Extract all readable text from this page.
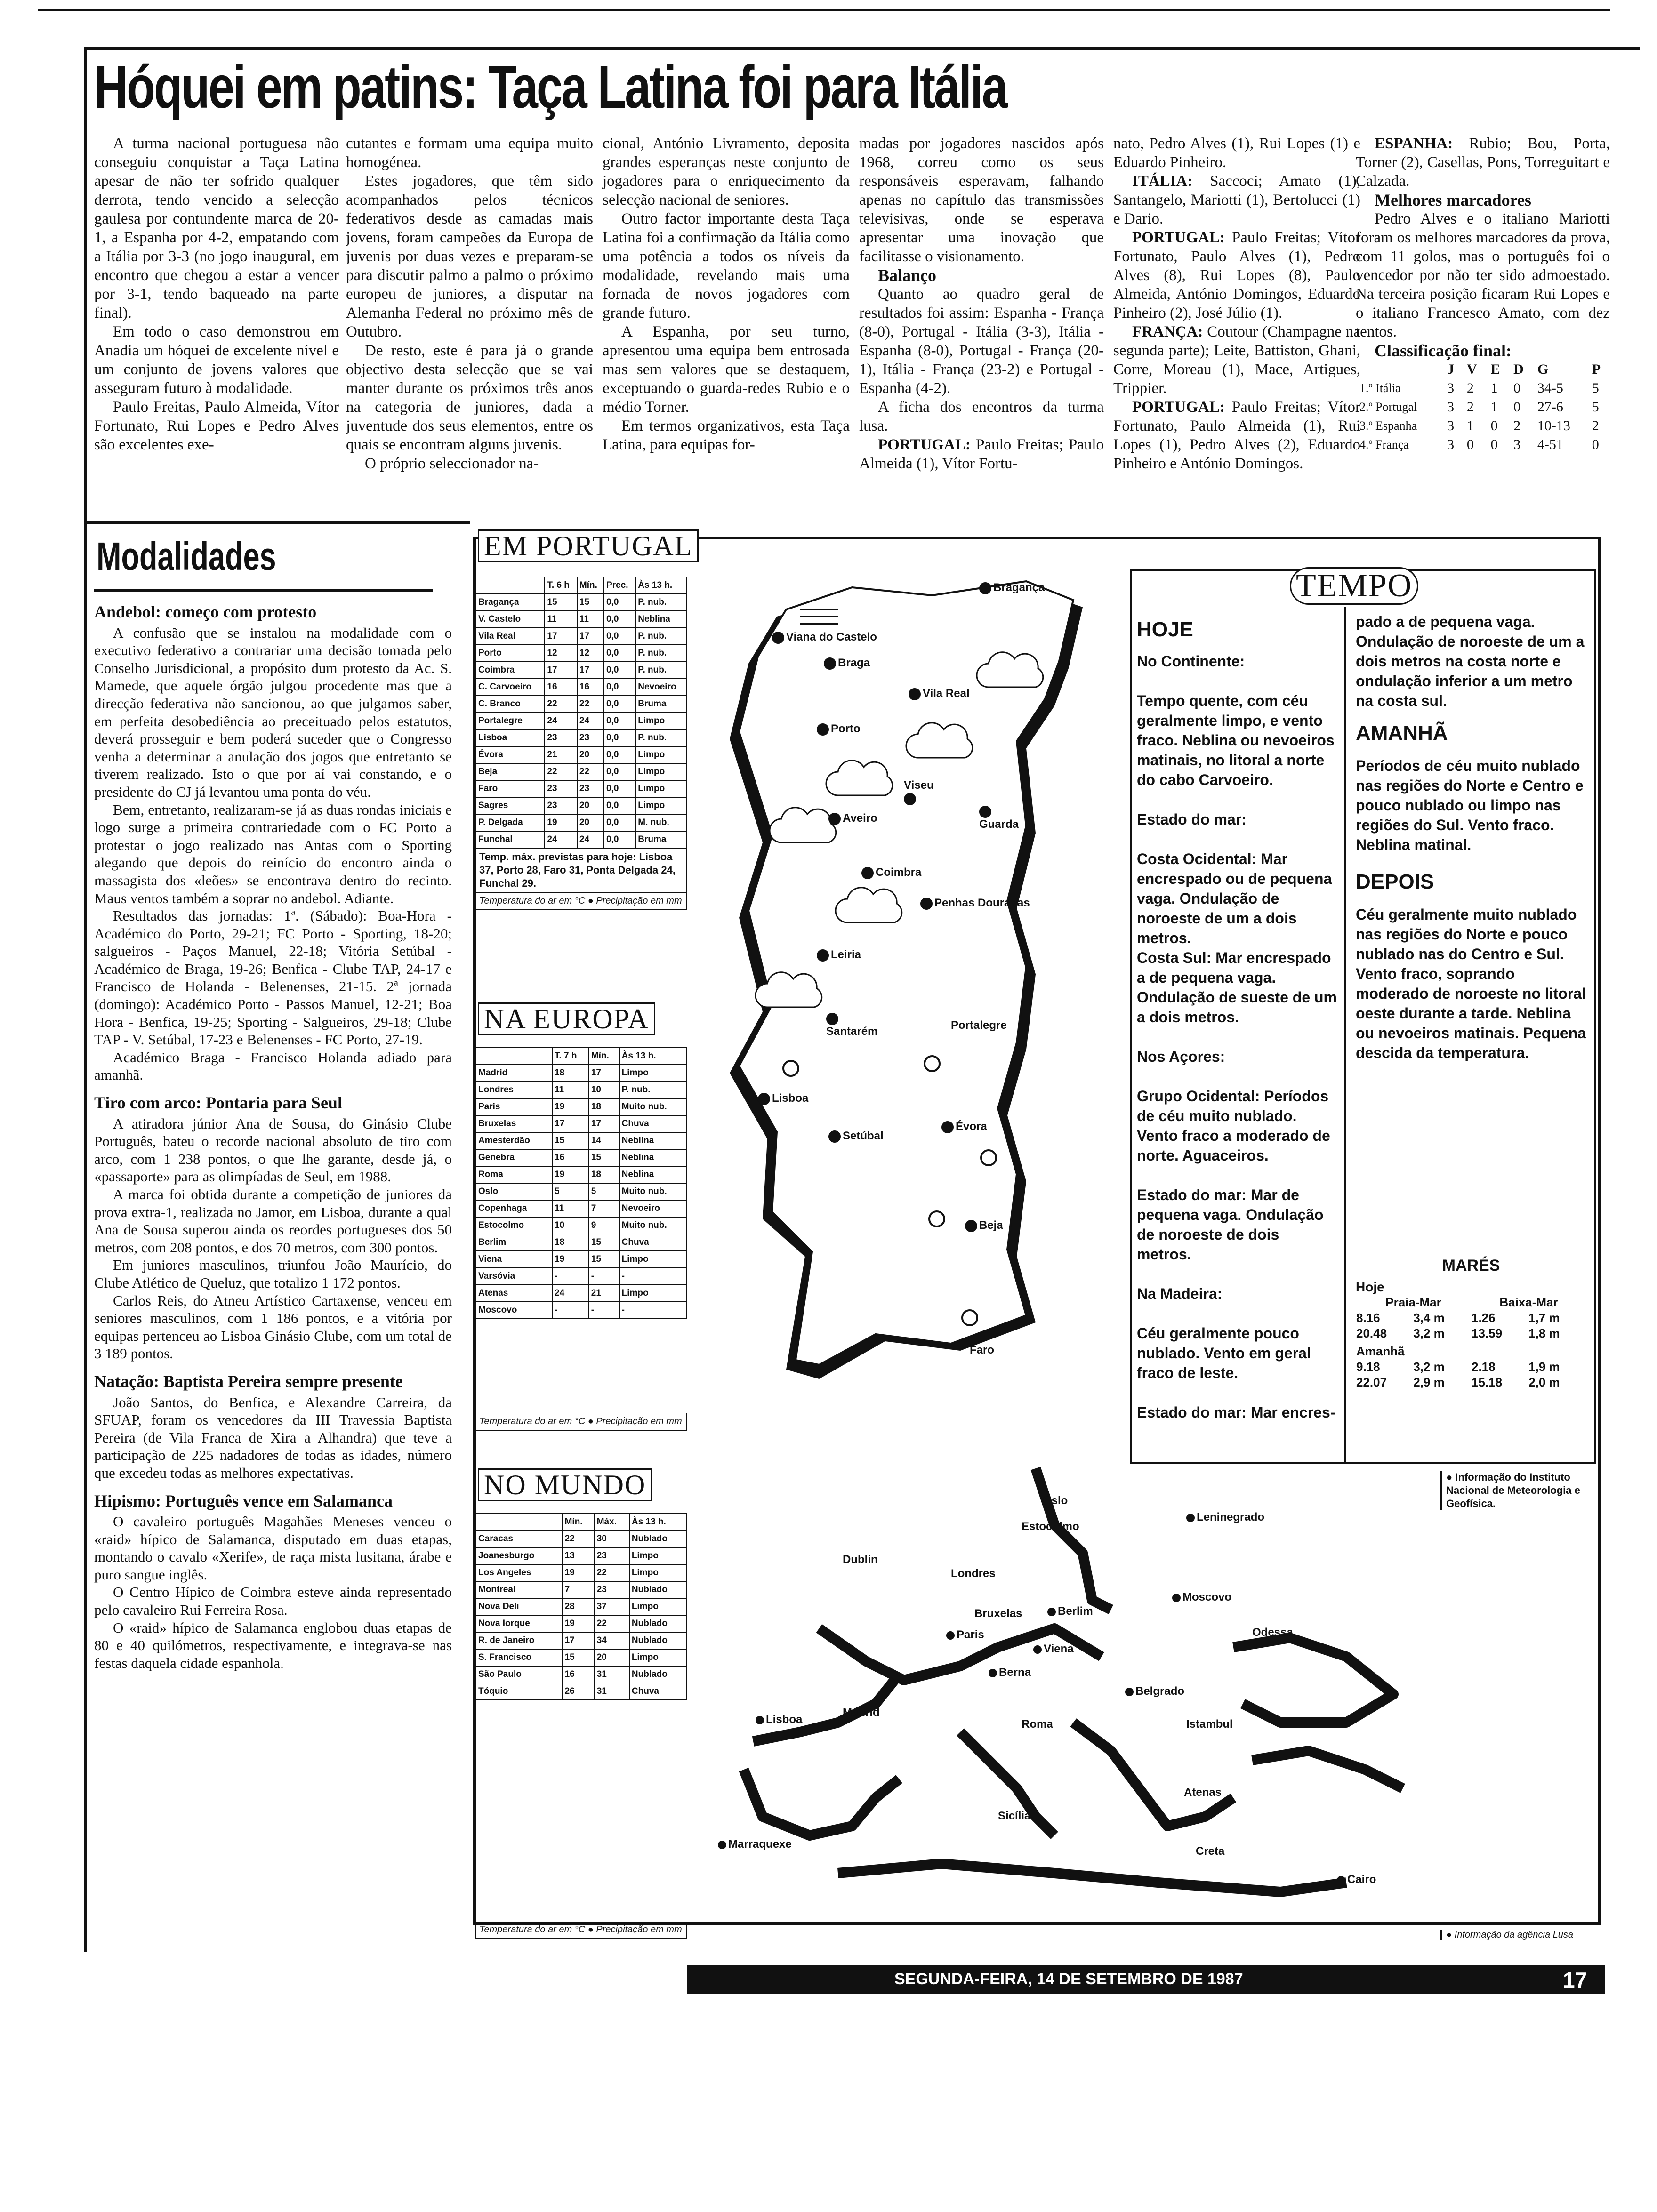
Hóquei em patins: Taça Latina foi para Itália

A turma nacional portuguesa não conseguiu conquistar a Taça Latina apesar de não ter sofrido qualquer derrota, tendo vencido a selecção gaulesa por contundente marca de 20-1, a Espanha por 4-2, empatando com a Itália por 3-3 (no jogo inaugural, em encontro que chegou a estar a vencer por 3-1, tendo baqueado na parte final).

Em todo o caso demonstrou em Anadia um hóquei de excelente nível e um conjunto de jovens valores que asseguram futuro à modalidade.

Paulo Freitas, Paulo Almeida, Vítor Fortunato, Rui Lopes e Pedro Alves são excelentes exe-

cutantes e formam uma equipa muito homogénea.

Estes jogadores, que têm sido acompanhados pelos técnicos federativos desde as camadas mais jovens, foram campeões da Europa de juvenis por duas vezes e preparam-se para discutir palmo a palmo o próximo europeu de juniores, a disputar na Alemanha Federal no próximo mês de Outubro.

De resto, este é para já o grande objectivo desta selecção que se vai manter durante os próximos três anos na categoria de juniores, dada a juventude dos seus elementos, entre os quais se encontram alguns juvenis.

O próprio seleccionador na-

cional, António Livramento, deposita grandes esperanças neste conjunto de jogadores para o enriquecimento da selecção nacional de seniores.

Outro factor importante desta Taça Latina foi a confirmação da Itália como uma potência a todos os níveis da modalidade, revelando mais uma fornada de novos jogadores com grande futuro.

A Espanha, por seu turno, apresentou uma equipa bem entrosada mas sem valores que se destaquem, exceptuando o guarda-redes Rubio e o médio Torner.

Em termos organizativos, esta Taça Latina, para equipas for-

madas por jogadores nascidos após 1968, correu como os seus responsáveis esperavam, falhando apenas no capítulo das transmissões televisivas, onde se esperava apresentar uma inovação que facilitasse o visionamento.

Balanço

Quanto ao quadro geral de resultados foi assim: Espanha - França (8-0), Portugal - Itália (3-3), Itália - Espanha (8-0), Portugal - França (20-1), Itália - França (23-2) e Portugal - Espanha (4-2).

A ficha dos encontros da turma lusa.

PORTUGAL: Paulo Freitas; Paulo Almeida (1), Vítor Fortu-

nato, Pedro Alves (1), Rui Lopes (1) e Eduardo Pinheiro.

ITÁLIA: Saccoci; Amato (1), Santangelo, Mariotti (1), Bertolucci (1) e Dario.

PORTUGAL: Paulo Freitas; Vítor Fortunato, Paulo Alves (1), Pedro Alves (8), Rui Lopes (8), Paulo Almeida, António Domingos, Eduardo Pinheiro (2), José Júlio (1).

FRANÇA: Coutour (Champagne na segunda parte); Leite, Battiston, Ghani, Corre, Moreau (1), Mace, Artigues, Trippier.

PORTUGAL: Paulo Freitas; Vítor Fortunato, Paulo Almeida (1), Rui Lopes (1), Pedro Alves (2), Eduardo Pinheiro e António Domingos.

ESPANHA: Rubio; Bou, Porta, Torner (2), Casellas, Pons, Torreguitart e Calzada.

Melhores marcadores

Pedro Alves e o italiano Mariotti foram os melhores marcadores da prova, com 11 golos, mas o português foi o vencedor por não ter sido admoestado. Na terceira posição ficaram Rui Lopes e o italiano Francesco Amato, com dez tentos.

Classificação final:

	J	V	E	D	G	P
1.º Itália	3	2	1	0	34-5	5
2.º Portugal	3	2	1	0	27-6	5
3.º Espanha	3	1	0	2	10-13	2
4.º França	3	0	0	3	4-51	0
Modalidades
Andebol: começo com protesto

A confusão que se instalou na modalidade com o executivo federativo a contrariar uma decisão tomada pelo Conselho Jurisdicional, a propósito dum protesto da Ac. S. Mamede, que aquele órgão julgou procedente mas que a direcção federativa não sancionou, ao que julgamos saber, em perfeita desobediência ao preceituado pelos estatutos, deverá prosseguir e bem poderá suceder que o Congresso venha a determinar a anulação dos jogos que entretanto se tiverem realizado. Isto o que por aí vai constando, e o presidente do CJ já levantou uma ponta do véu.

Bem, entretanto, realizaram-se já as duas rondas iniciais e logo surge a primeira contrariedade com o FC Porto a protestar o jogo realizado nas Antas com o Sporting alegando que depois do reinício do encontro ainda o massagista dos «leões» se encontrava dentro do recinto. Maus ventos também a soprar no andebol. Adiante.

Resultados das jornadas: 1ª. (Sábado): Boa-Hora - Académico do Porto, 29-21; FC Porto - Sporting, 18-20; salgueiros - Paços Manuel, 22-18; Vitória Setúbal - Académico de Braga, 19-26; Benfica - Clube TAP, 24-17 e Francisco de Holanda - Belenenses, 21-15. 2ª jornada (domingo): Académico Porto - Passos Manuel, 12-21; Boa Hora - Benfica, 19-25; Sporting - Salgueiros, 29-18; Clube TAP - V. Setúbal, 17-23 e Belenenses - FC Porto, 27-19.

Académico Braga - Francisco Holanda adiado para amanhã.

Tiro com arco: Pontaria para Seul

A atiradora júnior Ana de Sousa, do Ginásio Clube Português, bateu o recorde nacional absoluto de tiro com arco, com 1 238 pontos, o que lhe garante, desde já, o «passaporte» para as olimpíadas de Seul, em 1988.

A marca foi obtida durante a competição de juniores da prova extra-1, realizada no Jamor, em Lisboa, durante a qual Ana de Sousa superou ainda os reordes portugueses dos 50 metros, com 208 pontos, e dos 70 metros, com 300 pontos.

Em juniores masculinos, triunfou João Maurício, do Clube Atlético de Queluz, que totalizo 1 172 pontos.

Carlos Reis, do Atneu Artístico Cartaxense, venceu em seniores masculinos, com 1 186 pontos, e a vitória por equipas pertenceu ao Lisboa Ginásio Clube, com um total de 3 189 pontos.

Natação: Baptista Pereira sempre presente

João Santos, do Benfica, e Alexandre Carreira, da SFUAP, foram os vencedores da III Travessia Baptista Pereira (de Vila Franca de Xira a Alhandra) que teve a participação de 225 nadadores de todas as idades, número que excedeu todas as melhores expectativas.

Hipismo: Português vence em Salamanca

O cavaleiro português Magahães Meneses venceu o «raid» hípico de Salamanca, disputado em duas etapas, montando o cavalo «Xerife», de raça mista lusitana, árabe e puro sangue inglês.

O Centro Hípico de Coimbra esteve ainda representado pelo cavaleiro Rui Ferreira Rosa.

O «raid» hípico de Salamanca englobou duas etapas de 80 e 40 quilómetros, respectivamente, e integrava-se nas festas daquela cidade espanhola.

EM PORTUGAL
	T. 6 h	Mín.	Prec.	Às 13 h.
Bragança	15	15	0,0	P. nub.
V. Castelo	11	11	0,0	Neblina
Vila Real	17	17	0,0	P. nub.
Porto	12	12	0,0	P. nub.
Coimbra	17	17	0,0	P. nub.
C. Carvoeiro	16	16	0,0	Nevoeiro
C. Branco	22	22	0,0	Bruma
Portalegre	24	24	0,0	Limpo
Lisboa	23	23	0,0	P. nub.
Évora	21	20	0,0	Limpo
Beja	22	22	0,0	Limpo
Faro	23	23	0,0	Limpo
Sagres	23	20	0,0	Limpo
P. Delgada	19	20	0,0	M. nub.
Funchal	24	24	0,0	Bruma
Temp. máx. previstas para hoje: Lisboa 37, Porto 28, Faro 31, Ponta Delgada 24, Funchal 29.
Temperatura do ar em °C ● Precipitação em mm
NA EUROPA
	T. 7 h	Mín.	Às 13 h.
Madrid	18	17	Limpo
Londres	11	10	P. nub.
Paris	19	18	Muito nub.
Bruxelas	17	17	Chuva
Amesterdão	15	14	Neblina
Genebra	16	15	Neblina
Roma	19	18	Neblina
Oslo	5	5	Muito nub.
Copenhaga	11	7	Nevoeiro
Estocolmo	10	9	Muito nub.
Berlim	18	15	Chuva
Viena	19	15	Limpo
Varsóvia	-	-	-
Atenas	24	21	Limpo
Moscovo	-	-	-
Temperatura do ar em °C ● Precipitação em mm
NO MUNDO
	Mín.	Máx.	Às 13 h.
Caracas	22	30	Nublado
Joanesburgo	13	23	Limpo
Los Angeles	19	22	Limpo
Montreal	7	23	Nublado
Nova Deli	28	37	Limpo
Nova Iorque	19	22	Nublado
R. de Janeiro	17	34	Nublado
S. Francisco	15	20	Limpo
São Paulo	16	31	Nublado
Tóquio	26	31	Chuva
Temperatura do ar em °C ● Precipitação em mm
Bragança
Viana do Castelo
Braga
Vila Real
Porto
Viseu

Aveiro	Guarda
Coimbra
Penhas Douradas
Leiria
Portalegre

Santarém
Lisboa
Setúbal
Évora
Beja
Faro
TEMPO
HOJE
No Continente:
Tempo quente, com céu geralmente limpo, e vento fraco. Neblina ou nevoeiros matinais, no litoral a norte do cabo Carvoeiro.
Estado do mar:
Costa Ocidental: Mar encrespado ou de pequena vaga. Ondulação de noroeste de um a dois metros.
Costa Sul: Mar encrespado a de pequena vaga. Ondulação de sueste de um a dois metros.
Nos Açores:
Grupo Ocidental: Períodos de céu muito nublado. Vento fraco a moderado de norte. Aguaceiros.
Estado do mar: Mar de pequena vaga. Ondulação de noroeste de dois metros.
Na Madeira:
Céu geralmente pouco nublado. Vento em geral fraco de leste.
Estado do mar: Mar encres-
pado a de pequena vaga. Ondulação de noroeste de um a dois metros na costa norte e ondulação inferior a um metro na costa sul.
AMANHÃ
Períodos de céu muito nublado nas regiões do Norte e Centro e pouco nublado ou limpo nas regiões do Sul. Vento fraco. Neblina matinal.
DEPOIS
Céu geralmente muito nublado nas regiões do Norte e pouco nublado nas do Centro e Sul. Vento fraco, soprando moderado de noroeste no litoral oeste durante a tarde. Neblina ou nevoeiros matinais. Pequena descida da temperatura.
MARÉS
Hoje
Praia-Mar		Baixa-Mar	
8.16	3,4 m	1.26	1,7 m
20.48	3,2 m	13.59	1,8 m
Amanhã			
9.18	3,2 m	2.18	1,9 m
22.07	2,9 m	15.18	2,0 m
● Informação do Instituto Nacional de Meteorologia e Geofísica.
Oslo
Estocolmo
Leninegrado
Dublin
Londres
Bruxelas	Berlim
Moscovo
Paris
Viena
Odessa
Berna
Belgrado
Madrid
Lisboa	Roma	Istambul
Atenas
Sicília
Marraquexe
Creta
Cairo
● Informação da agência Lusa
SEGUNDA-FEIRA, 14 DE SETEMBRO DE 1987	17
